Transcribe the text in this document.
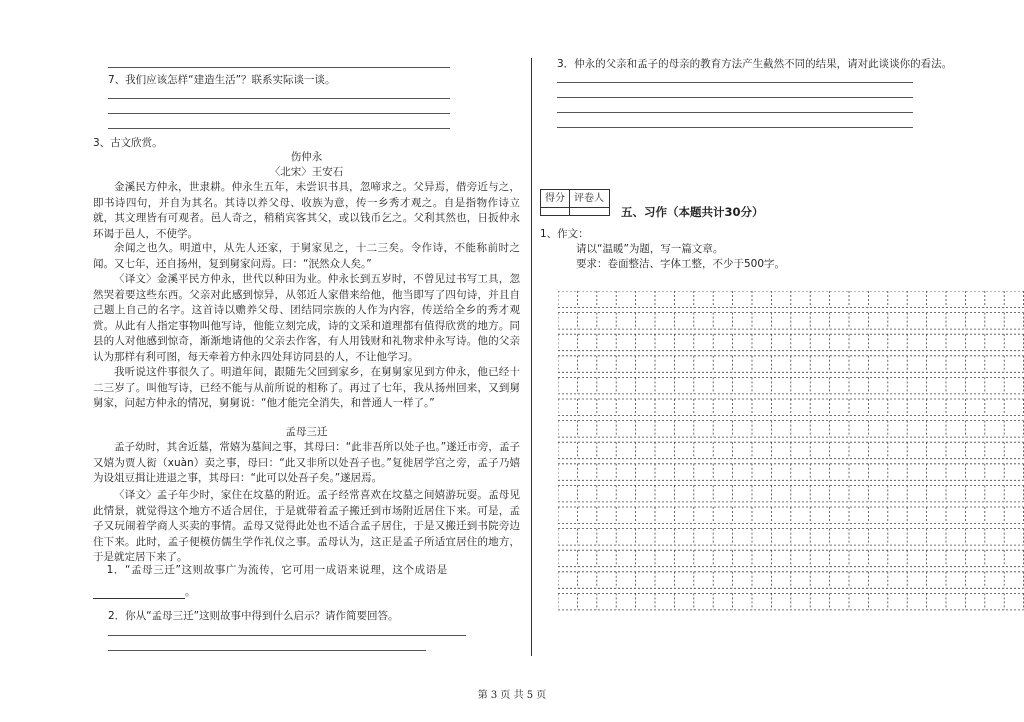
7、我们应该怎样“建造生活”？联系实际谈一谈。
3、古文欣赏。
伤仲永
〈北宋〉王安石
金溪民方仲永，世隶耕。仲永生五年，未尝识书具，忽啼求之。父异焉，借旁近与之，即书诗四句，并自为其名。其诗以养父母、收族为意，传一乡秀才观之。自是指物作诗立就，其文理皆有可观者。邑人奇之，稍稍宾客其父，或以钱币乞之。父利其然也，日扳仲永环谒于邑人，不使学。
余闻之也久。明道中，从先人还家，于舅家见之，十二三矣。令作诗，不能称前时之闻。又七年，还自扬州，复到舅家问焉。曰：“泯然众人矣。”
〈译文〉金溪平民方仲永，世代以种田为业。仲永长到五岁时，不曾见过书写工具，忽然哭着要这些东西。父亲对此感到惊异，从邻近人家借来给他，他当即写了四句诗，并且自己题上自己的名字。这首诗以赡养父母、团结同宗族的人作为内容，传送给全乡的秀才观赏。从此有人指定事物叫他写诗，他能立刻完成，诗的文采和道理都有值得欣赏的地方。同县的人对他感到惊奇，渐渐地请他的父亲去作客，有人用钱财和礼物求仲永写诗。他的父亲认为那样有利可图，每天牵着方仲永四处拜访同县的人，不让他学习。
我听说这件事很久了。明道年间，跟随先父回到家乡，在舅舅家见到方仲永，他已经十二三岁了。叫他写诗，已经不能与从前所说的相称了。再过了七年，我从扬州回来，又到舅舅家，问起方仲永的情况，舅舅说：“他才能完全消失，和普通人一样了。”
孟母三迁
孟子幼时，其舍近墓，常嬉为墓间之事，其母曰：“此非吾所以处子也。”遂迁市旁，孟子又嬉为贾人衒（xuàn）卖之事，母曰：“此又非所以处吾子也。”复徙居学宫之旁，孟子乃嬉为设俎豆揖让进退之事，其母曰：“此可以处吾子矣。”遂居焉。
〈译文〉孟子年少时，家住在坟墓的附近。孟子经常喜欢在坟墓之间嬉游玩耍。孟母见此情景，就觉得这个地方不适合居住，于是就带着孟子搬迁到市场附近居住下来。可是，孟子又玩闹着学商人买卖的事情。孟母又觉得此处也不适合孟子居住，于是又搬迁到书院旁边住下来。此时，孟子便模仿儒生学作礼仪之事。孟母认为，这正是孟子所适宜居住的地方，于是就定居下来了。
1．“孟母三迁”这则故事广为流传，它可用一成语来说理，这个成语是
。
2．你从“孟母三迁”这则故事中得到什么启示？请作简要回答。
3．仲永的父亲和孟子的母亲的教育方法产生截然不同的结果，请对此谈谈你的看法。
得分 评卷人
五、习作（本题共计30分）
1、作文：
请以“温暖”为题，写一篇文章。
要求：卷面整洁、字体工整，不少于500字。
第 3 页 共 5 页
